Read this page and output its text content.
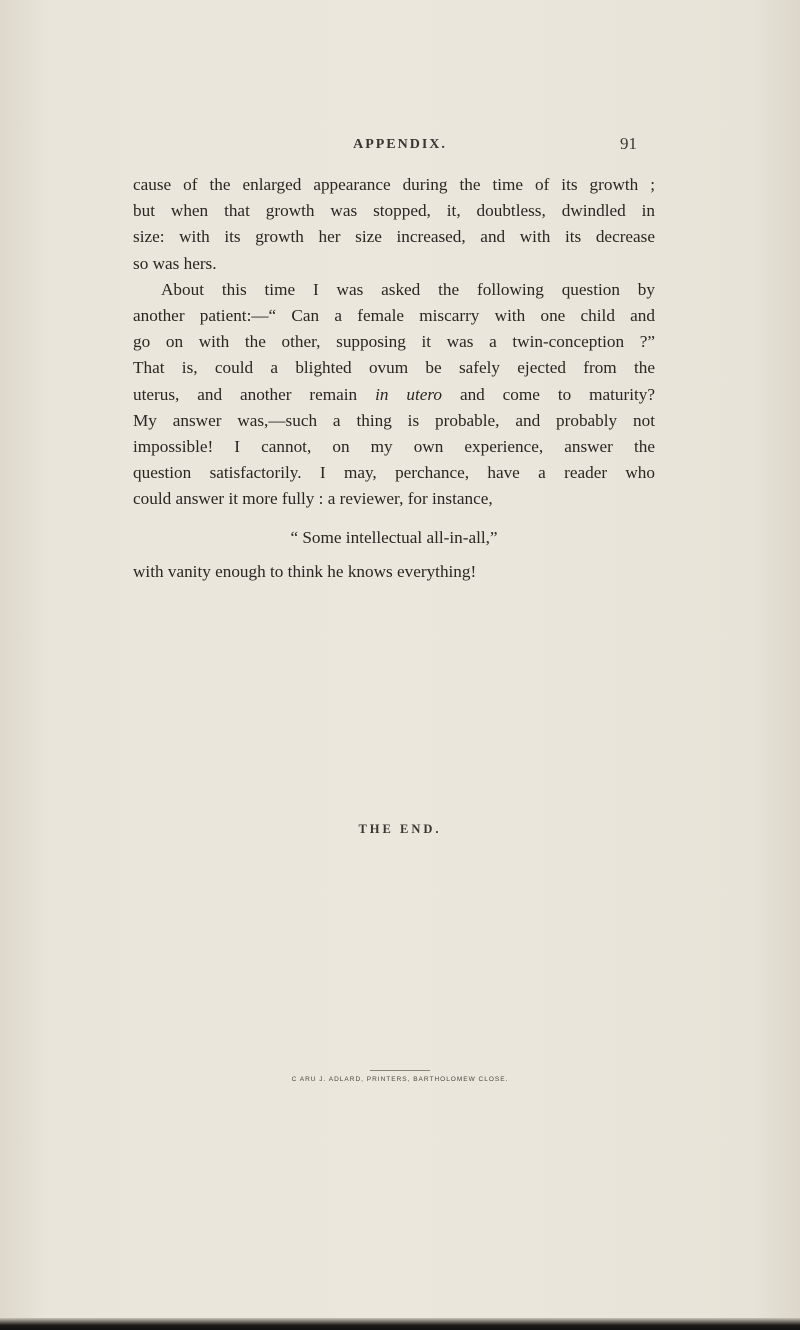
APPENDIX.	91
cause of the enlarged appearance during the time of its growth ;
but when that growth was stopped, it, doubtless, dwindled in
size: with its growth her size increased, and with its decrease
so was hers.
About this time I was asked the following question by
another patient:—“ Can a female miscarry with one child and
go on with the other, supposing it was a twin-conception ?”
That is, could a blighted ovum be safely ejected from the
uterus, and another remain in utero and come to maturity?
My answer was,—such a thing is probable, and probably not
impossible! I cannot, on my own experience, answer the
question satisfactorily. I may, perchance, have a reader who
could answer it more fully : a reviewer, for instance,
“ Some intellectual all-in-all,”
with vanity enough to think he knows everything!
THE END.
C ARU J. ADLARD, PRINTERS, BARTHOLOMEW CLOSE.
